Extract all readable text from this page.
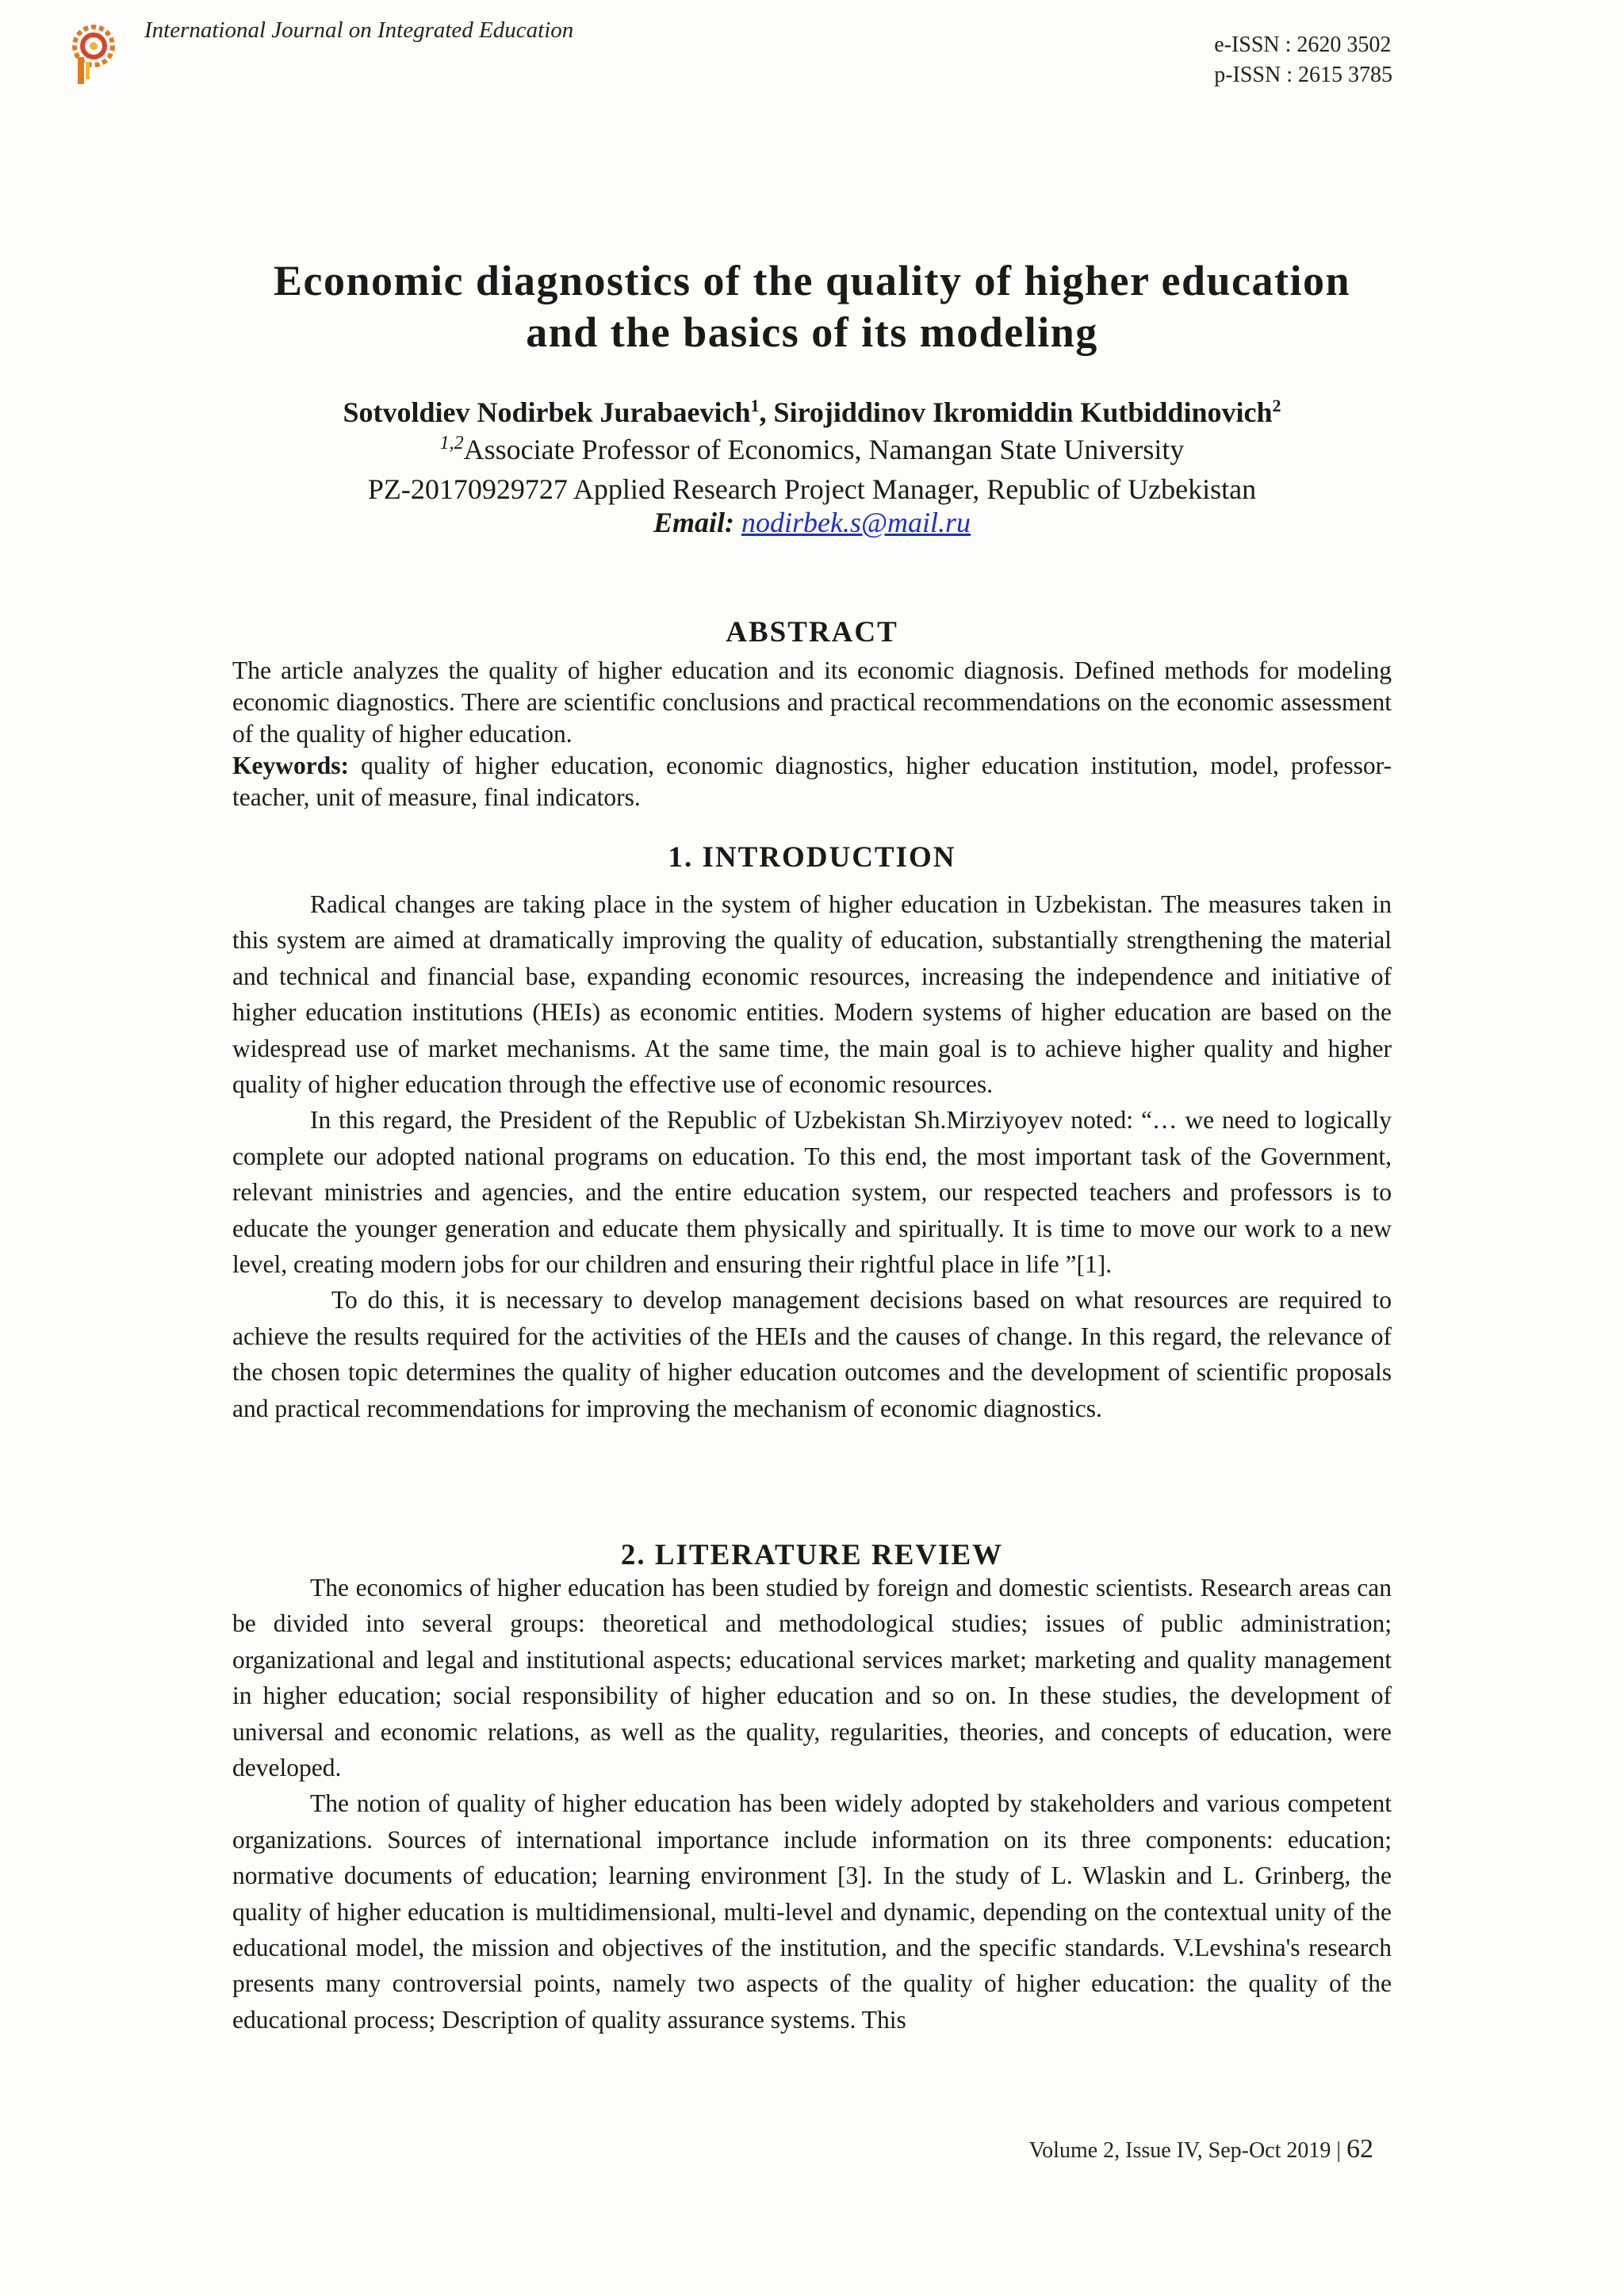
International Journal on Integrated Education
e-ISSN : 2620 3502
p-ISSN : 2615 3785
Economic diagnostics of the quality of higher education
and the basics of its modeling
Sotvoldiev Nodirbek Jurabaevich$^1$, Sirojiddinov Ikromiddin Kutbiddinovich$^2$
$^{1,2}$Associate Professor of Economics, Namangan State University
PZ-20170929727 Applied Research Project Manager, Republic of Uzbekistan
Email: nodirbek.s@mail.ru
ABSTRACT

The article analyzes the quality of higher education and its economic diagnosis. Defined methods for modeling economic diagnostics. There are scientific conclusions and practical recommendations on the economic assessment of the quality of higher education.

Keywords: quality of higher education, economic diagnostics, higher education institution, model, professor-teacher, unit of measure, final indicators.

1. INTRODUCTION

Radical changes are taking place in the system of higher education in Uzbekistan. The measures taken in this system are aimed at dramatically improving the quality of education, substantially strengthening the material and technical and financial base, expanding economic resources, increasing the independence and initiative of higher education institutions (HEIs) as economic entities. Modern systems of higher education are based on the widespread use of market mechanisms. At the same time, the main goal is to achieve higher quality and higher quality of higher education through the effective use of economic resources.

In this regard, the President of the Republic of Uzbekistan Sh.Mirziyoyev noted: “… we need to logically complete our adopted national programs on education. To this end, the most important task of the Government, relevant ministries and agencies, and the entire education system, our respected teachers and professors is to educate the younger generation and educate them physically and spiritually. It is time to move our work to a new level, creating modern jobs for our children and ensuring their rightful place in life ”[1].

To do this, it is necessary to develop management decisions based on what resources are required to achieve the results required for the activities of the HEIs and the causes of change. In this regard, the relevance of the chosen topic determines the quality of higher education outcomes and the development of scientific proposals and practical recommendations for improving the mechanism of economic diagnostics.

2. LITERATURE REVIEW

The economics of higher education has been studied by foreign and domestic scientists. Research areas can be divided into several groups: theoretical and methodological studies; issues of public administration; organizational and legal and institutional aspects; educational services market; marketing and quality management in higher education; social responsibility of higher education and so on. In these studies, the development of universal and economic relations, as well as the quality, regularities, theories, and concepts of education, were developed.

The notion of quality of higher education has been widely adopted by stakeholders and various competent organizations. Sources of international importance include information on its three components: education; normative documents of education; learning environment [3]. In the study of L. Wlaskin and L. Grinberg, the quality of higher education is multidimensional, multi-level and dynamic, depending on the contextual unity of the educational model, the mission and objectives of the institution, and the specific standards. V.Levshina's research presents many controversial points, namely two aspects of the quality of higher education: the quality of the educational process; Description of quality assurance systems. This

Volume 2, Issue IV, Sep-Oct 2019 | 62
